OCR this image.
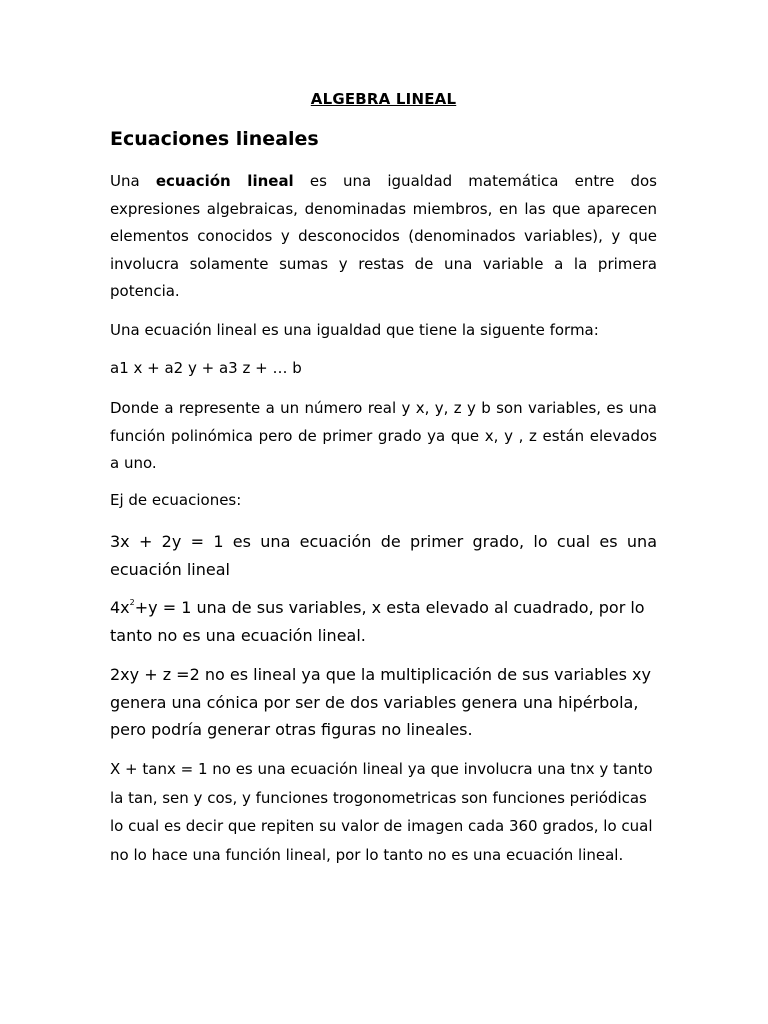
ALGEBRA LINEAL
Ecuaciones lineales

Una ecuación lineal es una igualdad matemática entre dos expresiones algebraicas, denominadas miembros, en las que aparecen elementos conocidos y desconocidos (denominados variables), y que involucra solamente sumas y restas de una variable a la primera potencia.

Una ecuación lineal es una igualdad que tiene la siguente forma:

a1 x + a2 y + a3 z + … b

Donde a represente a un número real y x, y, z y b son variables, es una función polinómica pero de primer grado ya que x, y , z están elevados a uno.

Ej de ecuaciones:

3x + 2y = 1 es una ecuación de primer grado, lo cual es una ecuación lineal

$4x^2+y = 1$ una de sus variables, x esta elevado al cuadrado, por lo tanto no es una ecuación lineal.

2xy + z =2 no es lineal ya que la multiplicación de sus variables xy genera una cónica por ser de dos variables genera una hipérbola, pero podría generar otras figuras no lineales.

X + tanx = 1 no es una ecuación lineal ya que involucra una tnx y tanto la tan, sen y cos, y funciones trogonometricas son funciones periódicas lo cual es decir que repiten su valor de imagen cada 360 grados, lo cual no lo hace una función lineal, por lo tanto no es una ecuación lineal.
